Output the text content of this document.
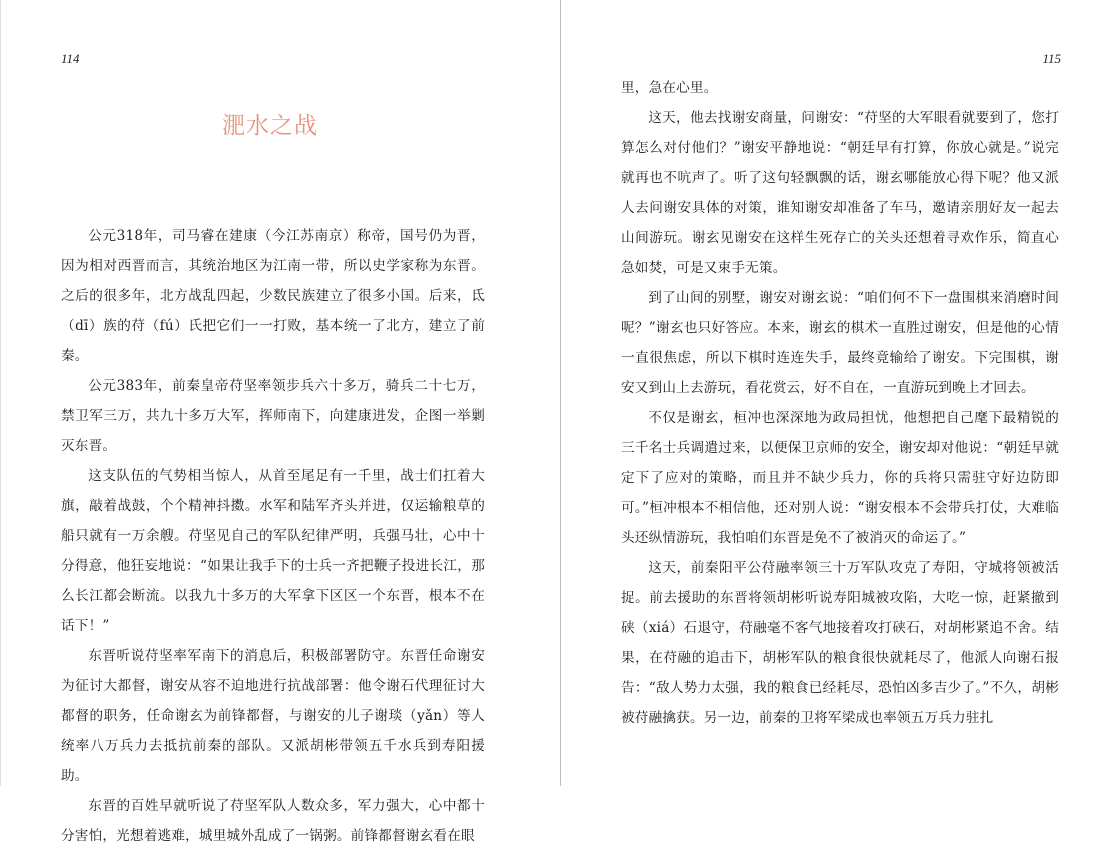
114
淝水之战

公元318年，司马睿在建康（今江苏南京）称帝，国号仍为晋，因为相对西晋而言，其统治地区为江南一带，所以史学家称为东晋。之后的很多年，北方战乱四起，少数民族建立了很多小国。后来，氐（dī）族的苻（fú）氏把它们一一打败，基本统一了北方，建立了前秦。

公元383年，前秦皇帝苻坚率领步兵六十多万，骑兵二十七万，禁卫军三万，共九十多万大军，挥师南下，向建康进发，企图一举剿灭东晋。

这支队伍的气势相当惊人，从首至尾足有一千里，战士们扛着大旗，敲着战鼓，个个精神抖擞。水军和陆军齐头并进，仅运输粮草的船只就有一万余艘。苻坚见自己的军队纪律严明，兵强马壮，心中十分得意，他狂妄地说：“如果让我手下的士兵一齐把鞭子投进长江，那么长江都会断流。以我九十多万的大军拿下区区一个东晋，根本不在话下！”

东晋听说苻坚率军南下的消息后，积极部署防守。东晋任命谢安为征讨大都督，谢安从容不迫地进行抗战部署：他令谢石代理征讨大都督的职务，任命谢玄为前锋都督，与谢安的儿子谢琰（yǎn）等人统率八万兵力去抵抗前秦的部队。又派胡彬带领五千水兵到寿阳援助。

东晋的百姓早就听说了苻坚军队人数众多，军力强大，心中都十分害怕，光想着逃难，城里城外乱成了一锅粥。前锋都督谢玄看在眼

115

里，急在心里。

这天，他去找谢安商量，问谢安：“苻坚的大军眼看就要到了，您打算怎么对付他们？”谢安平静地说：“朝廷早有打算，你放心就是。”说完就再也不吭声了。听了这句轻飘飘的话，谢玄哪能放心得下呢？他又派人去问谢安具体的对策，谁知谢安却准备了车马，邀请亲朋好友一起去山间游玩。谢玄见谢安在这样生死存亡的关头还想着寻欢作乐，简直心急如焚，可是又束手无策。

到了山间的别墅，谢安对谢玄说：“咱们何不下一盘围棋来消磨时间呢？”谢玄也只好答应。本来，谢玄的棋术一直胜过谢安，但是他的心情一直很焦虑，所以下棋时连连失手，最终竟输给了谢安。下完围棋，谢安又到山上去游玩，看花赏云，好不自在，一直游玩到晚上才回去。

不仅是谢玄，桓冲也深深地为政局担忧，他想把自己麾下最精锐的三千名士兵调遣过来，以便保卫京师的安全，谢安却对他说：“朝廷早就定下了应对的策略，而且并不缺少兵力，你的兵将只需驻守好边防即可。”桓冲根本不相信他，还对别人说：“谢安根本不会带兵打仗，大难临头还纵情游玩，我怕咱们东晋是免不了被消灭的命运了。”

这天，前秦阳平公苻融率领三十万军队攻克了寿阳，守城将领被活捉。前去援助的东晋将领胡彬听说寿阳城被攻陷，大吃一惊，赶紧撤到硖（xiá）石退守，苻融毫不客气地接着攻打硖石，对胡彬紧追不舍。结果，在苻融的追击下，胡彬军队的粮食很快就耗尽了，他派人向谢石报告：“敌人势力太强，我的粮食已经耗尽，恐怕凶多吉少了。”不久，胡彬被苻融擒获。另一边，前秦的卫将军梁成也率领五万兵力驻扎
